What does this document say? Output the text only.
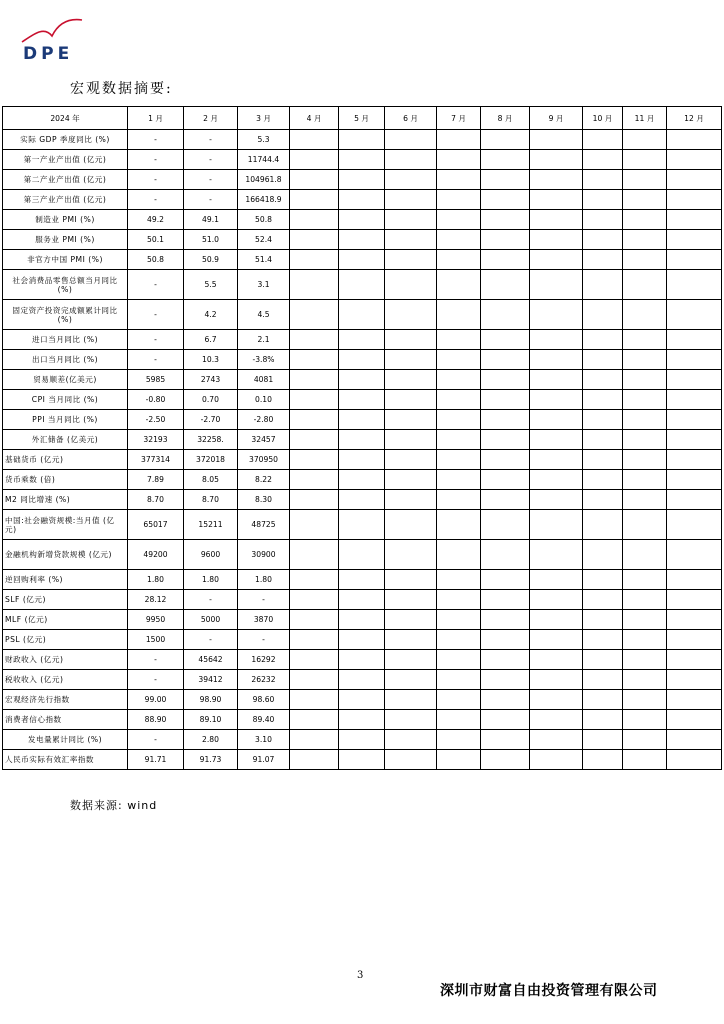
DPE
宏观数据摘要:
2024 年	1 月	2 月	3 月	4 月	5 月	6 月	7 月	8 月	9 月	10 月	11 月	12 月
实际 GDP 季度同比 (%)	-	-	5.3									
第一产业产出值 (亿元)	-	-	11744.4									
第二产业产出值 (亿元)	-	-	104961.8									
第三产业产出值 (亿元)	-	-	166418.9									
制造业 PMI (%)	49.2	49.1	50.8									
服务业 PMI (%)	50.1	51.0	52.4									
非官方中国 PMI (%)	50.8	50.9	51.4									
社会消费品零售总额当月同比 (%)	-	5.5	3.1									
固定资产投资完成额累计同比 (%)	-	4.2	4.5									
进口当月同比 (%)	-	6.7	2.1									
出口当月同比 (%)	-	10.3	-3.8%									
贸易顺差(亿美元)	5985	2743	4081									
CPI 当月同比 (%)	-0.80	0.70	0.10									
PPI 当月同比 (%)	-2.50	-2.70	-2.80									
外汇储备 (亿美元)	32193	32258.	32457									
基础货币 (亿元)	377314	372018	370950									
货币乘数 (倍)	7.89	8.05	8.22									
M2 同比增速 (%)	8.70	8.70	8.30									
中国:社会融资规模:当月值 (亿元)	65017	15211	48725									
金融机构新增贷款规模 (亿元)	49200	9600	30900									
逆回购利率 (%)	1.80	1.80	1.80									
SLF (亿元)	28.12	-	-									
MLF (亿元)	9950	5000	3870									
PSL (亿元)	1500	-	-									
财政收入 (亿元)	-	45642	16292									
税收收入 (亿元)	-	39412	26232									
宏观经济先行指数	99.00	98.90	98.60									
消费者信心指数	88.90	89.10	89.40									
发电量累计同比 (%)	-	2.80	3.10									
人民币实际有效汇率指数	91.71	91.73	91.07									
数据来源: wind
3
深圳市财富自由投资管理有限公司
